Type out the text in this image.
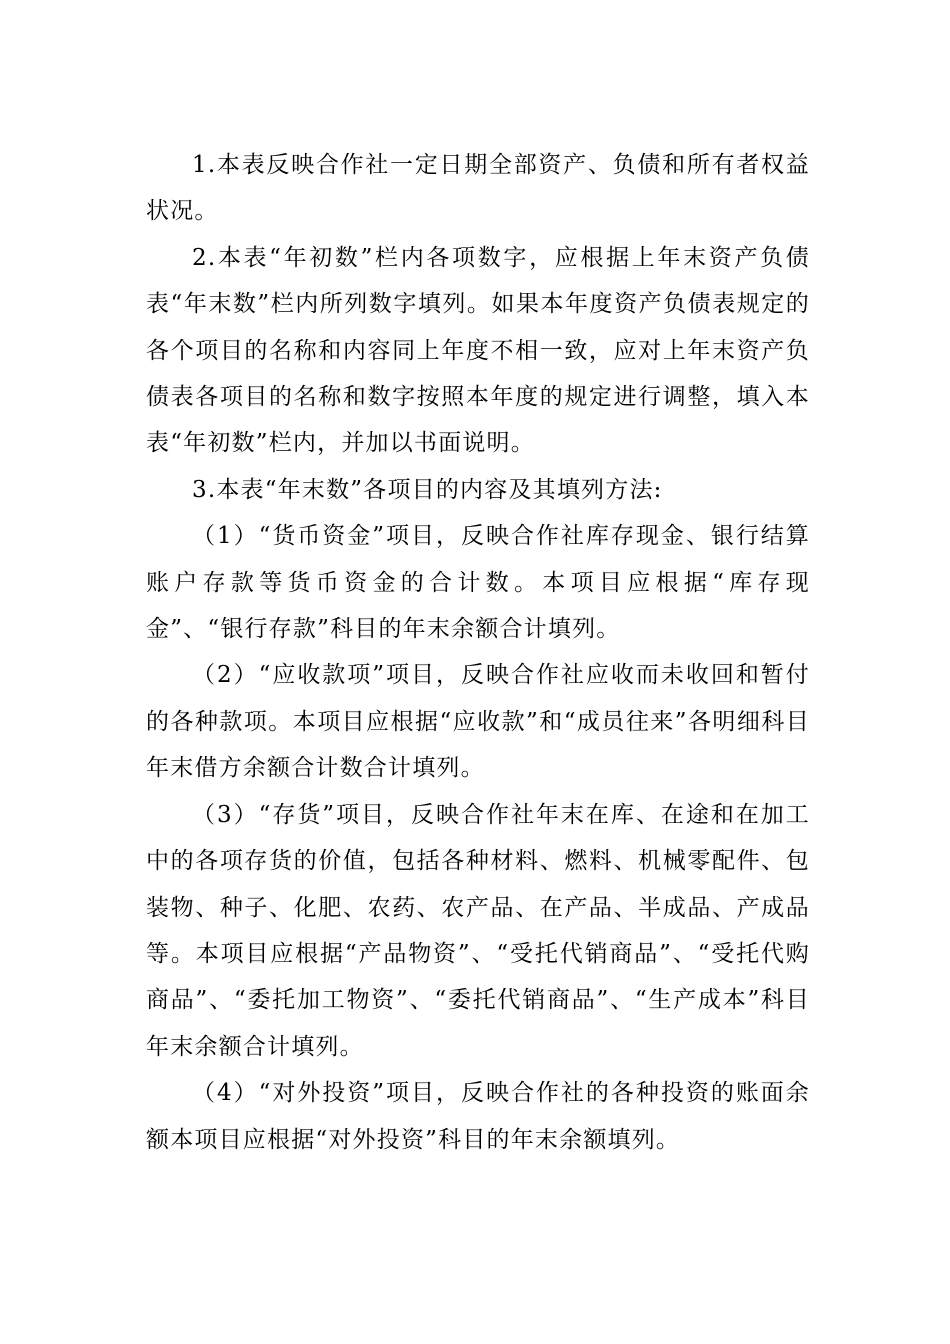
1.本表反映合作社一定日期全部资产、负债和所有者权益状况。

2.本表“年初数”栏内各项数字，应根据上年末资产负债表“年末数”栏内所列数字填列。如果本年度资产负债表规定的各个项目的名称和内容同上年度不相一致，应对上年末资产负债表各项目的名称和数字按照本年度的规定进行调整，填入本表“年初数”栏内，并加以书面说明。

3.本表“年末数”各项目的内容及其填列方法:

（1）“货币资金”项目，反映合作社库存现金、银行结算账户存款等货币资金的合计数。本项目应根据“库存现金”、“银行存款”科目的年末余额合计填列。

（2）“应收款项”项目，反映合作社应收而未收回和暂付的各种款项。本项目应根据“应收款”和“成员往来”各明细科目年末借方余额合计数合计填列。

（3）“存货”项目，反映合作社年末在库、在途和在加工中的各项存货的价值，包括各种材料、燃料、机械零配件、包装物、种子、化肥、农药、农产品、在产品、半成品、产成品等。本项目应根据“产品物资”、“受托代销商品”、“受托代购商品”、“委托加工物资”、“委托代销商品”、“生产成本”科目年末余额合计填列。

（4）“对外投资”项目，反映合作社的各种投资的账面余额本项目应根据“对外投资”科目的年末余额填列。
